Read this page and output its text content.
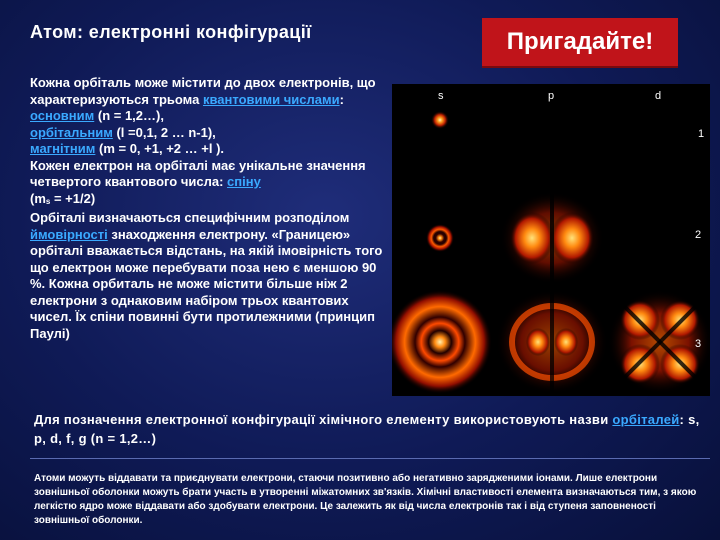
Атом: електронні конфігурації	Пригадайте!
Кожна орбіталь може містити до двох електронів, що характеризуються трьома квантовими числами:
основним (n = 1,2…),
орбітальним (l =0,1, 2 … n-1),
магнітним (m = 0, +1, +2 … +l ).
Кожен електрон на орбіталі має унікальне значення четвертого квантового числа: спіну
(ms = +1/2)
Орбіталі визначаються специфічним розподілом ймовірності знаходження електрону. «Границею» орбіталі вважається відстань, на якій імовірність того що електрон може перебувати поза нею є меншою 90 %. Кожна орбиталь не може містити більше ніж 2 електрони з однаковим набіром трьох квантових чисел. Їх спіни повинні бути протилежними (принцип Паулі)
s	p	d
1
2
3
Для позначення електронної конфігурації хімічного елементу використовують назви орбіталей: s, p, d, f, g (n = 1,2…)
Атоми можуть віддавати та приєднувати електрони, стаючи позитивно або негативно зарядженими іонами. Лише електрони зовнішньої оболонки можуть брати участь в утворенні міжатомних зв'язків. Хімічні властивості елемента визначаються тим, з якою легкістю ядро може віддавати або здобувати електрони. Це залежить як від числа електронів так і від ступеня заповненості зовнішньої оболонки.
